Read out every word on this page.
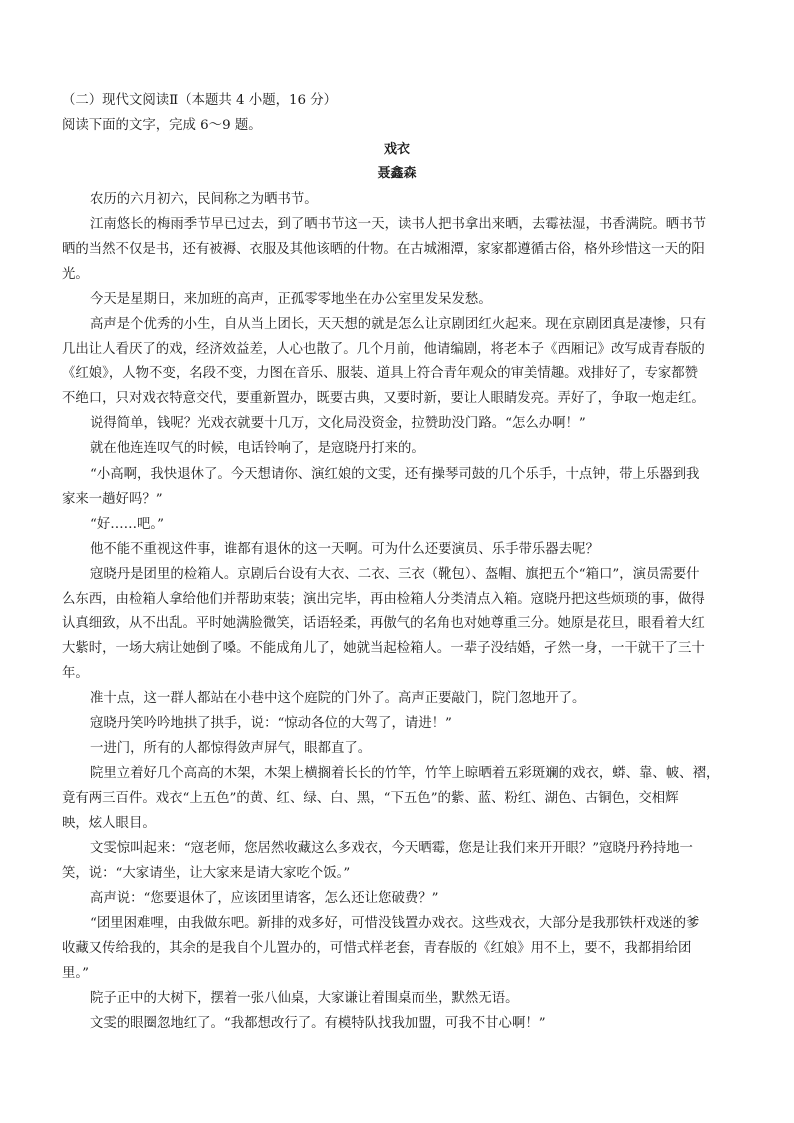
（二）现代文阅读Ⅱ（本题共 4 小题，16 分）
阅读下面的文字，完成 6～9 题。
戏衣
聂鑫森
农历的六月初六，民间称之为晒书节。
江南悠长的梅雨季节早已过去，到了晒书节这一天，读书人把书拿出来晒，去霉祛湿，书香满院。晒书节
晒的当然不仅是书，还有被褥、衣服及其他该晒的什物。在古城湘潭，家家都遵循古俗，格外珍惜这一天的阳
光。
今天是星期日，来加班的高声，正孤零零地坐在办公室里发呆发愁。
高声是个优秀的小生，自从当上团长，天天想的就是怎么让京剧团红火起来。现在京剧团真是凄惨，只有
几出让人看厌了的戏，经济效益差，人心也散了。几个月前，他请编剧，将老本子《西厢记》改写成青春版的
《红娘》，人物不变，名段不变，力图在音乐、服装、道具上符合青年观众的审美情趣。戏排好了，专家都赞
不绝口，只对戏衣特意交代，要重新置办，既要古典，又要时新，要让人眼睛发亮。弄好了，争取一炮走红。
说得简单，钱呢？光戏衣就要十几万，文化局没资金，拉赞助没门路。“怎么办啊！”
就在他连连叹气的时候，电话铃响了，是寇晓丹打来的。
“小高啊，我快退休了。今天想请你、演红娘的文雯，还有操琴司鼓的几个乐手，十点钟，带上乐器到我
家来一趟好吗？”
“好……吧。”
他不能不重视这件事，谁都有退休的这一天啊。可为什么还要演员、乐手带乐器去呢？
寇晓丹是团里的检箱人。京剧后台设有大衣、二衣、三衣（靴包）、盔帽、旗把五个“箱口”，演员需要什
么东西，由检箱人拿给他们并帮助束装；演出完毕，再由检箱人分类清点入箱。寇晓丹把这些烦琐的事，做得
认真细致，从不出乱。平时她满脸微笑，话语轻柔，再傲气的名角也对她尊重三分。她原是花旦，眼看着大红
大紫时，一场大病让她倒了嗓。不能成角儿了，她就当起检箱人。一辈子没结婚，孑然一身，一干就干了三十
年。
准十点，这一群人都站在小巷中这个庭院的门外了。高声正要敲门，院门忽地开了。
寇晓丹笑吟吟地拱了拱手，说：“惊动各位的大驾了，请进！”
一进门，所有的人都惊得敛声屏气，眼都直了。
院里立着好几个高高的木架，木架上横搁着长长的竹竿，竹竿上晾晒着五彩斑斓的戏衣，蟒、靠、帔、褶，
竟有两三百件。戏衣“上五色”的黄、红、绿、白、黑，“下五色”的紫、蓝、粉红、湖色、古铜色，交相辉
映，炫人眼目。
文雯惊叫起来：“寇老师，您居然收藏这么多戏衣，今天晒霉，您是让我们来开开眼？”寇晓丹矜持地一
笑，说：“大家请坐，让大家来是请大家吃个饭。”
高声说：“您要退休了，应该团里请客，怎么还让您破费？”
“团里困难哩，由我做东吧。新排的戏多好，可惜没钱置办戏衣。这些戏衣，大部分是我那铁杆戏迷的爹
收藏又传给我的，其余的是我自个儿置办的，可惜式样老套，青春版的《红娘》用不上，要不，我都捐给团
里。”
院子正中的大树下，摆着一张八仙桌，大家谦让着围桌而坐，默然无语。
文雯的眼圈忽地红了。“我都想改行了。有模特队找我加盟，可我不甘心啊！”
